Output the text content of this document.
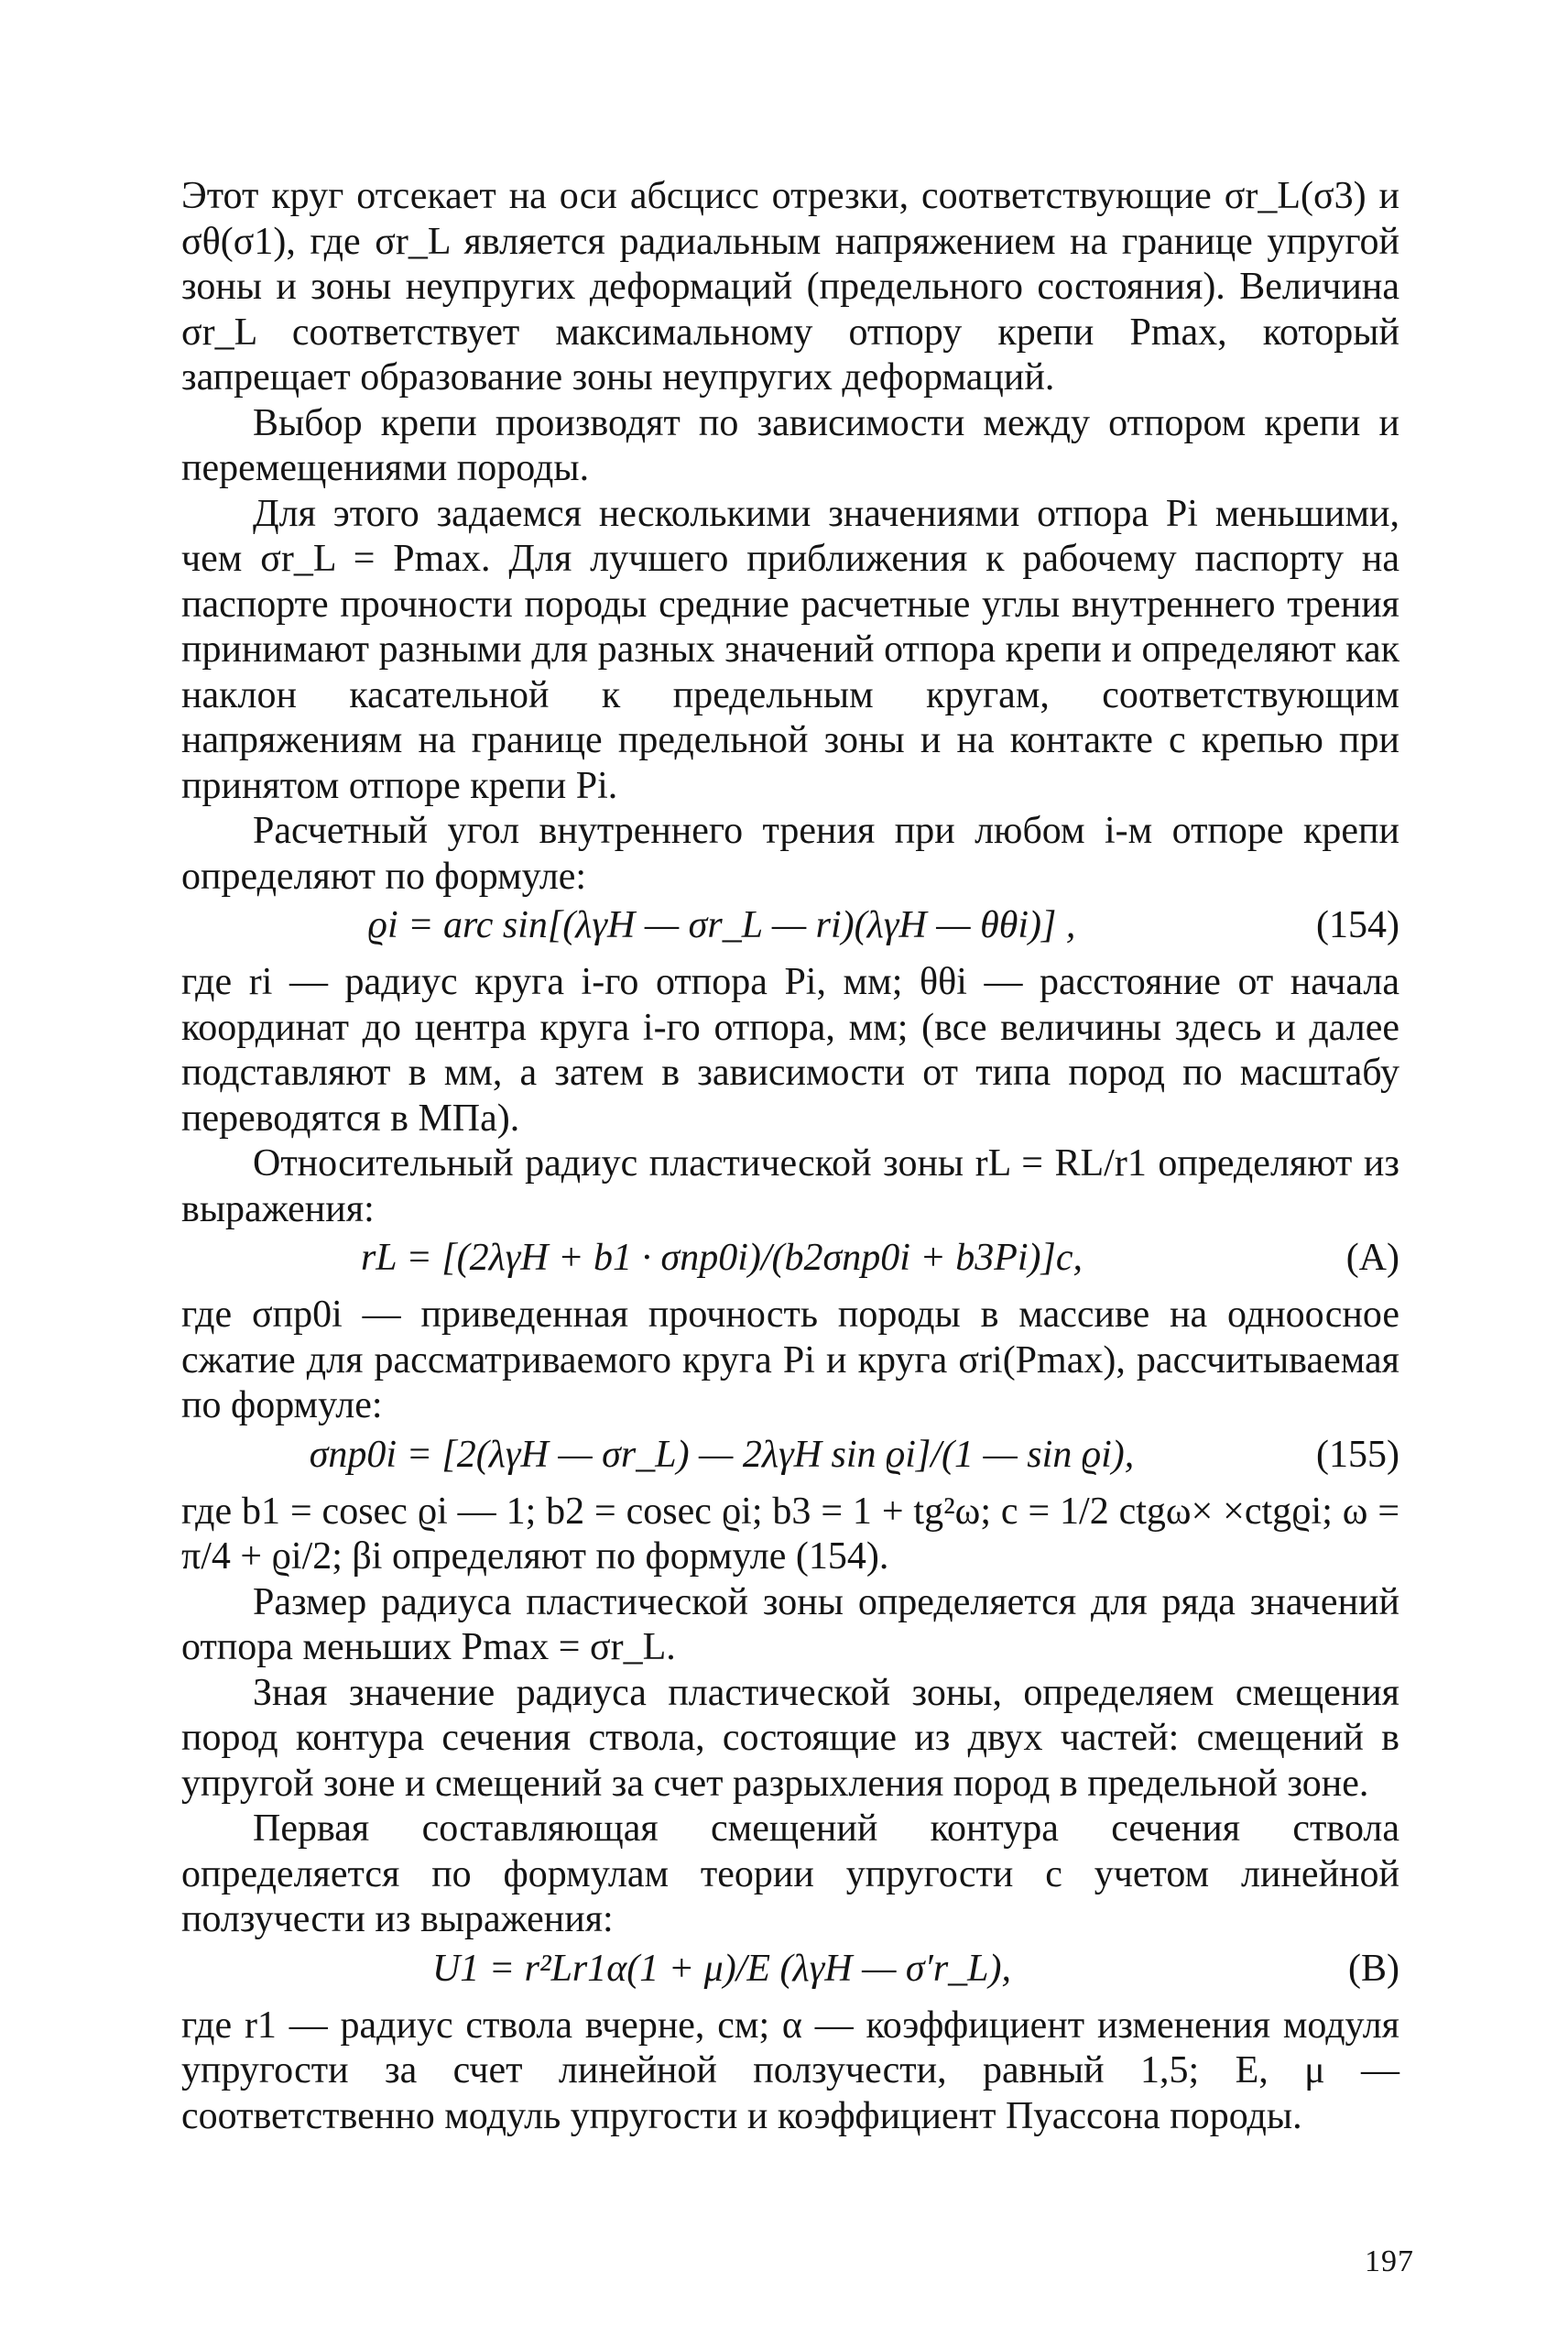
Этот круг отсекает на оси абсцисс отрезки, соответствующие σr_L(σ3) и σθ(σ1), где σr_L является радиальным напряжением на границе упругой зоны и зоны неупругих деформаций (предельного состояния). Величина σr_L соответствует максимальному отпору крепи Pmax, который запрещает образование зоны неупругих деформаций.

Выбор крепи производят по зависимости между отпором крепи и перемещениями породы.

Для этого задаемся несколькими значениями отпора Pi меньшими, чем σr_L = Pmax. Для лучшего приближения к рабочему паспорту на паспорте прочности породы средние расчетные углы внутреннего трения принимают разными для разных значений отпора крепи и определяют как наклон касательной к предельным кругам, соответствующим напряжениям на границе предельной зоны и на контакте с крепью при принятом отпоре крепи Pi.

Расчетный угол внутреннего трения при любом i-м отпоре крепи определяют по формуле:

ϱi = arc sin[(λγH — σr_L — ri)(λγH — θθi)] ,	(154)

где ri — радиус круга i-го отпора Pi, мм; θθi — расстояние от начала координат до центра круга i-го отпора, мм; (все величины здесь и далее подставляют в мм, а затем в зависимости от типа пород по масштабу переводятся в МПа).

Относительный радиус пластической зоны rL = RL/r1 определяют из выражения:

rL = [(2λγH + b1 · σпр0i)/(b2σпр0i + b3Pi)]c,	(A)

где σпр0i — приведенная прочность породы в массиве на одноосное сжатие для рассматриваемого круга Pi и круга σri(Pmax), рассчитываемая по формуле:

σпр0i = [2(λγH — σr_L) — 2λγH sin ϱi]/(1 — sin ϱi),	(155)

где b1 = cosec ϱi — 1; b2 = cosec ϱi; b3 = 1 + tg²ω; c = 1/2 ctgω× ×ctgϱi; ω = π/4 + ϱi/2; βi определяют по формуле (154).

Размер радиуса пластической зоны определяется для ряда значений отпора меньших Pmax = σr_L.

Зная значение радиуса пластической зоны, определяем смещения пород контура сечения ствола, состоящие из двух частей: смещений в упругой зоне и смещений за счет разрыхления пород в предельной зоне.

Первая составляющая смещений контура сечения ствола определяется по формулам теории упругости с учетом линейной ползучести из выражения:

U1 = r²Lr1α(1 + μ)/E (λγH — σ′r_L),	(B)

где r1 — радиус ствола вчерне, см; α — коэффициент изменения модуля упругости за счет линейной ползучести, равный 1,5; E, μ — соответственно модуль упругости и коэффициент Пуассона породы.

197
